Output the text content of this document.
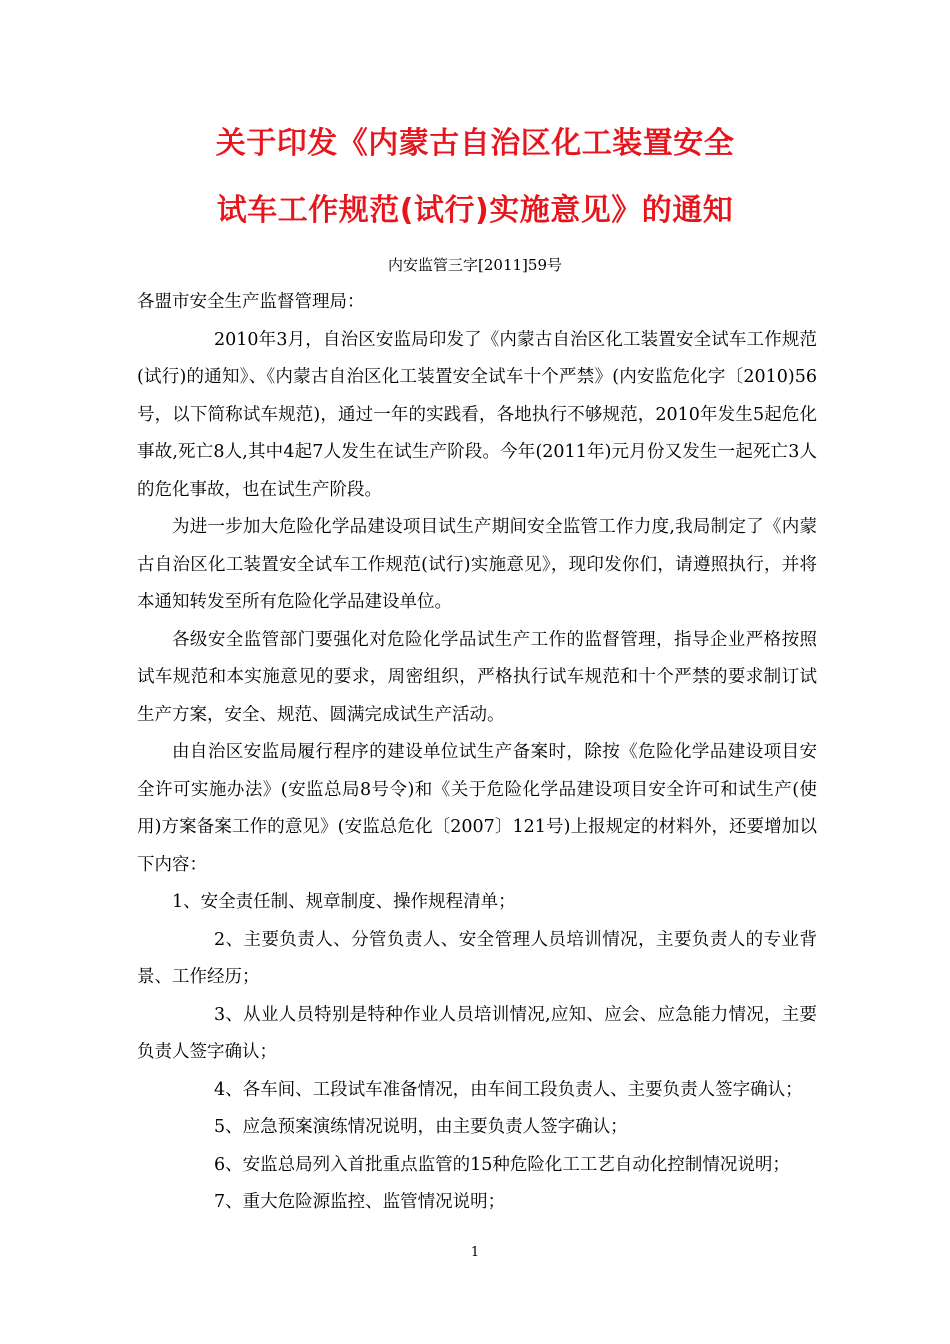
关于印发《内蒙古自治区化工装置安全
试车工作规范(试行)实施意见》的通知
内安监管三字[2011]59号

各盟市安全生产监督管理局：

2010年3月，自治区安监局印发了《内蒙古自治区化工装置安全试车工作规范(试行)的通知》、《内蒙古自治区化工装置安全试车十个严禁》(内安监危化字〔2010)56号，以下简称试车规范)，通过一年的实践看，各地执行不够规范，2010年发生5起危化事故,死亡8人,其中4起7人发生在试生产阶段。今年(2011年)元月份又发生一起死亡3人的危化事故，也在试生产阶段。

为进一步加大危险化学品建设项目试生产期间安全监管工作力度,我局制定了《内蒙古自治区化工装置安全试车工作规范(试行)实施意见》，现印发你们，请遵照执行，并将本通知转发至所有危险化学品建设单位。

各级安全监管部门要强化对危险化学品试生产工作的监督管理，指导企业严格按照试车规范和本实施意见的要求，周密组织，严格执行试车规范和十个严禁的要求制订试生产方案，安全、规范、圆满完成试生产活动。

由自治区安监局履行程序的建设单位试生产备案时，除按《危险化学品建设项目安全许可实施办法》(安监总局8号令)和《关于危险化学品建设项目安全许可和试生产(使用)方案备案工作的意见》(安监总危化〔2007〕121号)上报规定的材料外，还要增加以下内容：

1、安全责任制、规章制度、操作规程清单；

2、主要负责人、分管负责人、安全管理人员培训情况，主要负责人的专业背景、工作经历；

3、从业人员特别是特种作业人员培训情况,应知、应会、应急能力情况，主要负责人签字确认；

4、各车间、工段试车准备情况，由车间工段负责人、主要负责人签字确认；

5、应急预案演练情况说明，由主要负责人签字确认；

6、安监总局列入首批重点监管的15种危险化工工艺自动化控制情况说明；

7、重大危险源监控、监管情况说明；

1
